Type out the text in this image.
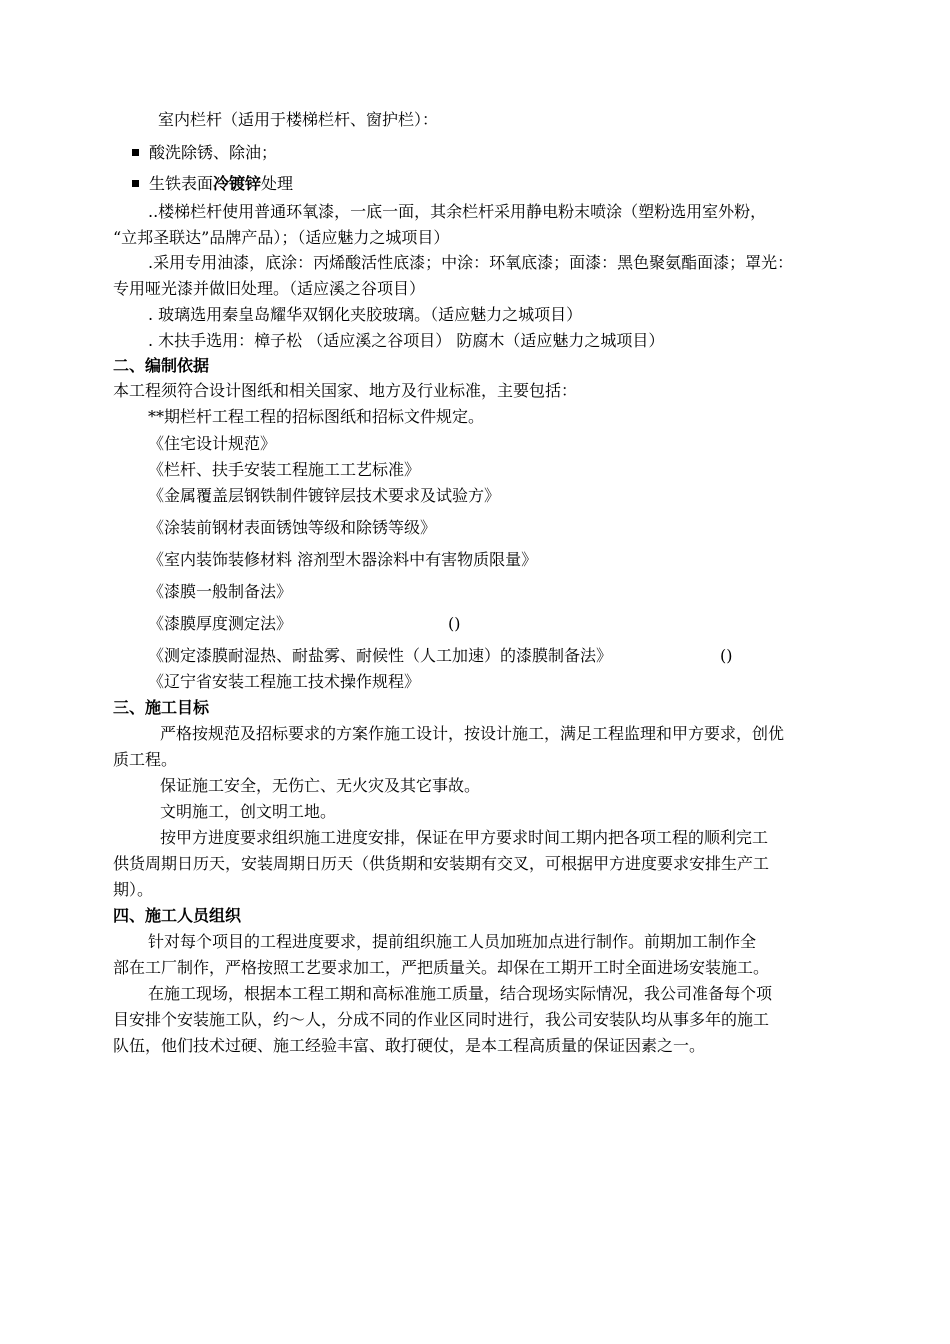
室内栏杆（适用于楼梯栏杆、窗护栏）：
酸洗除锈、除油；
生铁表面冷镀锌处理
..楼梯栏杆使用普通环氧漆，一底一面，其余栏杆采用静电粉末喷涂（塑粉选用室外粉，
“立邦圣联达”品牌产品）；（适应魅力之城项目）
.采用专用油漆，底涂：丙烯酸活性底漆；中涂：环氧底漆；面漆：黑色聚氨酯面漆；罩光：
专用哑光漆并做旧处理。（适应溪之谷项目）
. 玻璃选用秦皇岛耀华双钢化夹胶玻璃。（适应魅力之城项目）
. 木扶手选用：樟子松 （适应溪之谷项目） 防腐木（适应魅力之城项目）
二、编制依据
本工程须符合设计图纸和相关国家、地方及行业标准，主要包括：
**期栏杆工程工程的招标图纸和招标文件规定。
《住宅设计规范》
《栏杆、扶手安装工程施工工艺标准》
《金属覆盖层钢铁制件镀锌层技术要求及试验方》
《涂装前钢材表面锈蚀等级和除锈等级》
《室内装饰装修材料 溶剂型木器涂料中有害物质限量》
《漆膜一般制备法》
《漆膜厚度测定法》	()
《测定漆膜耐湿热、耐盐雾、耐候性（人工加速）的漆膜制备法》	()
《辽宁省安装工程施工技术操作规程》
三、施工目标
严格按规范及招标要求的方案作施工设计，按设计施工，满足工程监理和甲方要求，创优
质工程。
保证施工安全，无伤亡、无火灾及其它事故。
文明施工，创文明工地。
按甲方进度要求组织施工进度安排，保证在甲方要求时间工期内把各项工程的顺利完工
供货周期日历天，安装周期日历天（供货期和安装期有交叉，可根据甲方进度要求安排生产工
期）。
四、施工人员组织
针对每个项目的工程进度要求，提前组织施工人员加班加点进行制作。前期加工制作全
部在工厂制作，严格按照工艺要求加工，严把质量关。却保在工期开工时全面进场安装施工。
在施工现场，根据本工程工期和高标准施工质量，结合现场实际情况，我公司准备每个项
目安排个安装施工队，约～人，分成不同的作业区同时进行，我公司安装队均从事多年的施工
队伍，他们技术过硬、施工经验丰富、敢打硬仗，是本工程高质量的保证因素之一。
